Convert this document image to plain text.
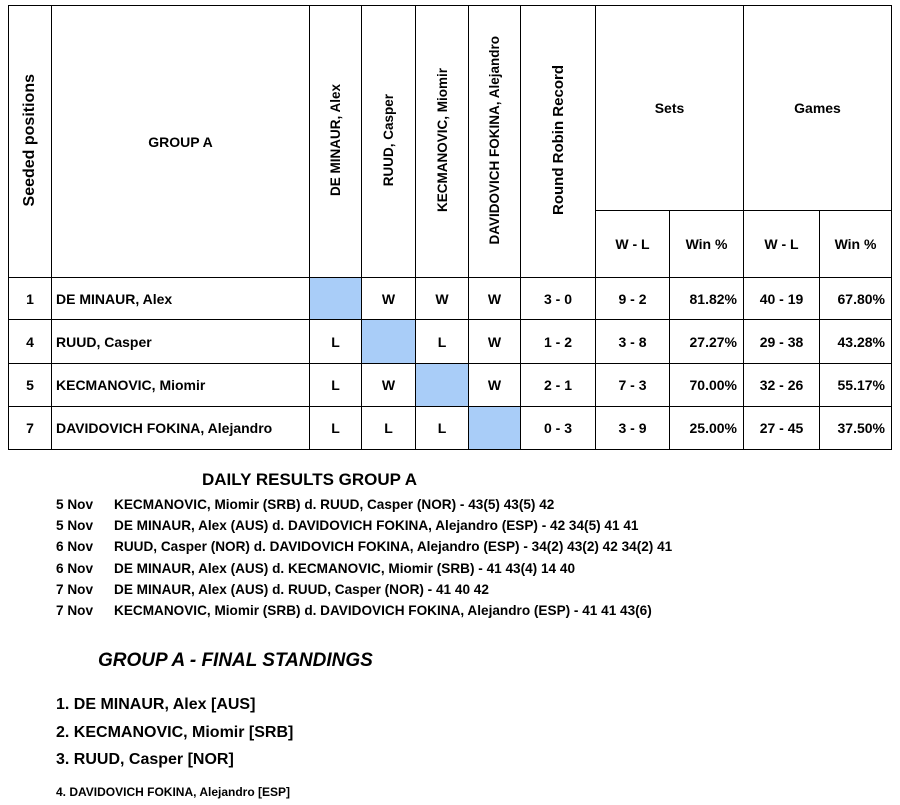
Seeded positions	GROUP A	DE MINAUR, Alex	RUUD, Casper	KECMANOVIC, Miomir	DAVIDOVICH FOKINA, Alejandro	Round Robin Record	Sets		Games	
							W - L	Win %	W - L	Win %
1	DE MINAUR, Alex		W	W	W	3 - 0	9 - 2	81.82%	40 - 19	67.80%
4	RUUD, Casper	L		L	W	1 - 2	3 - 8	27.27%	29 - 38	43.28%
5	KECMANOVIC, Miomir	L	W		W	2 - 1	7 - 3	70.00%	32 - 26	55.17%
7	DAVIDOVICH FOKINA, Alejandro	L	L	L		0 - 3	3 - 9	25.00%	27 - 45	37.50%
DAILY RESULTS GROUP A
5 Nov KECMANOVIC, Miomir (SRB) d. RUUD, Casper (NOR) - 43(5) 43(5) 42
5 Nov DE MINAUR, Alex (AUS) d. DAVIDOVICH FOKINA, Alejandro (ESP) - 42 34(5) 41 41
6 Nov RUUD, Casper (NOR) d. DAVIDOVICH FOKINA, Alejandro (ESP) - 34(2) 43(2) 42 34(2) 41
6 Nov DE MINAUR, Alex (AUS) d. KECMANOVIC, Miomir (SRB) - 41 43(4) 14 40
7 Nov DE MINAUR, Alex (AUS) d. RUUD, Casper (NOR) - 41 40 42
7 Nov KECMANOVIC, Miomir (SRB) d. DAVIDOVICH FOKINA, Alejandro (ESP) - 41 41 43(6)
GROUP A - FINAL STANDINGS
1. DE MINAUR, Alex [AUS]
2. KECMANOVIC, Miomir [SRB]
3. RUUD, Casper [NOR]
4. DAVIDOVICH FOKINA, Alejandro [ESP]
